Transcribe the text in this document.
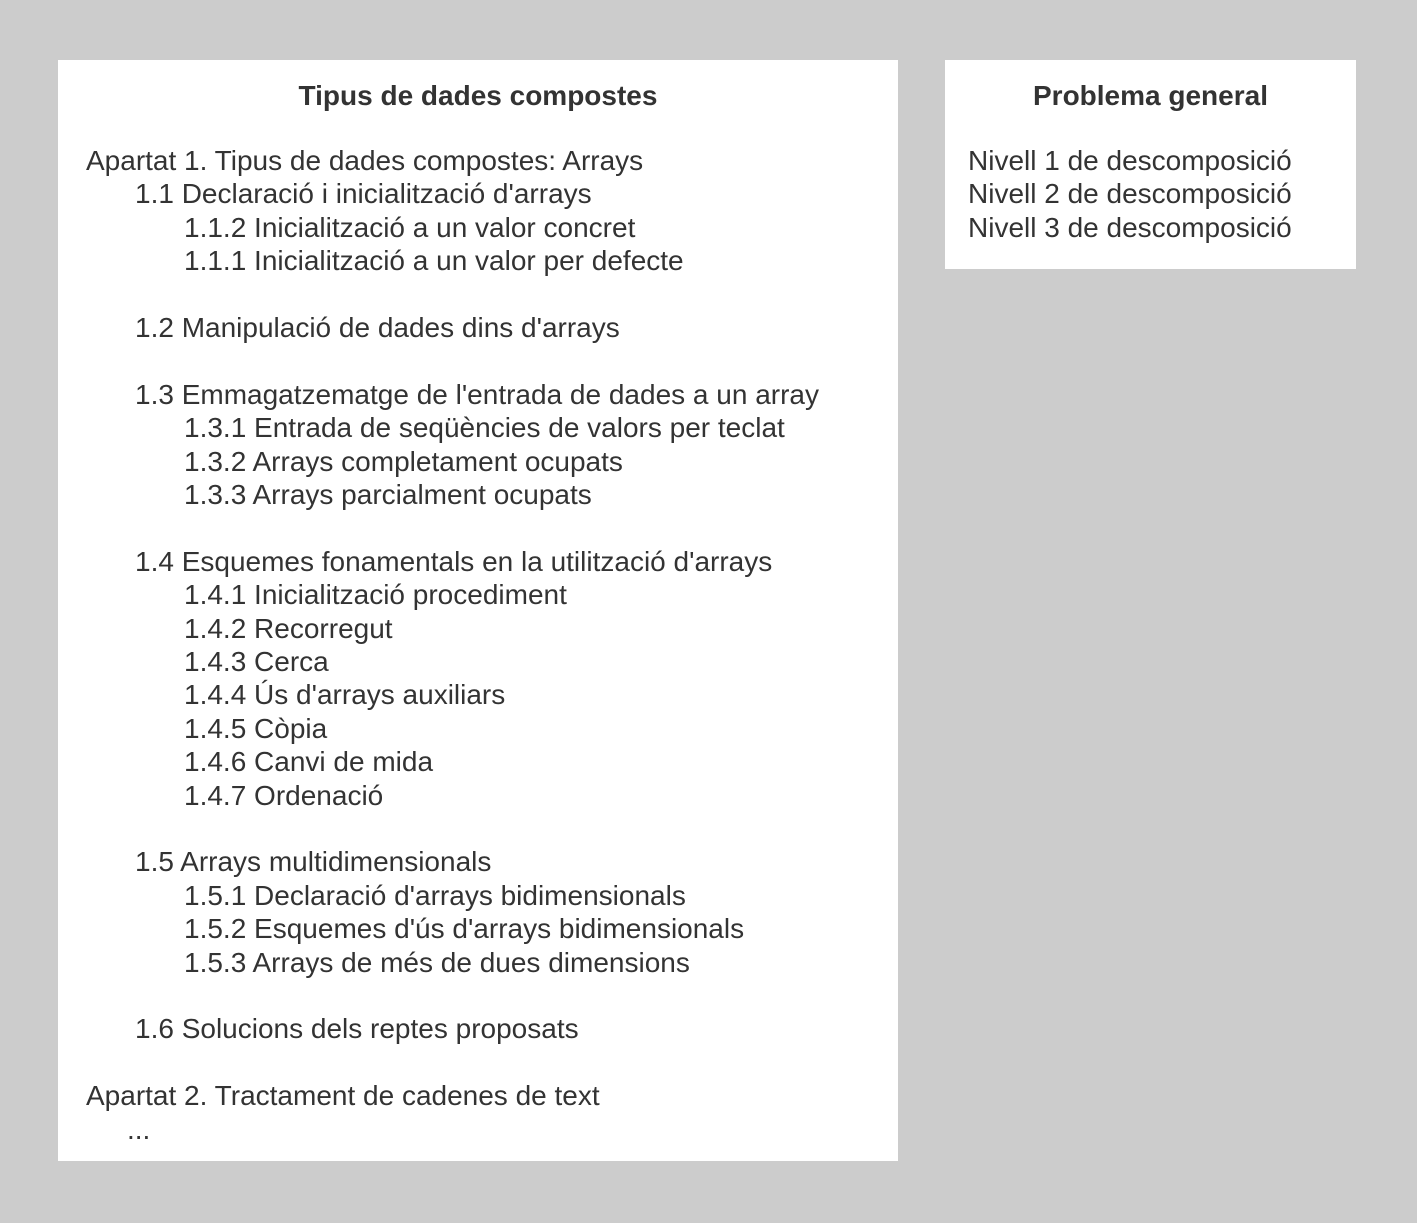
Tipus de dades compostes
Apartat 1. Tipus de dades compostes: Arrays
1.1 Declaració i inicialització d'arrays
1.1.2 Inicialització a un valor concret
1.1.1 Inicialització a un valor per defecte
1.2 Manipulació de dades dins d'arrays
1.3 Emmagatzematge de l'entrada de dades a un array
1.3.1 Entrada de seqüències de valors per teclat
1.3.2 Arrays completament ocupats
1.3.3 Arrays parcialment ocupats
1.4 Esquemes fonamentals en la utilització d'arrays
1.4.1 Inicialització procediment
1.4.2 Recorregut
1.4.3 Cerca
1.4.4 Ús d'arrays auxiliars
1.4.5 Còpia
1.4.6 Canvi de mida
1.4.7 Ordenació
1.5 Arrays multidimensionals
1.5.1 Declaració d'arrays bidimensionals
1.5.2 Esquemes d'ús d'arrays bidimensionals
1.5.3 Arrays de més de dues dimensions
1.6 Solucions dels reptes proposats
Apartat 2. Tractament de cadenes de text
...
Problema general
Nivell 1 de descomposició
Nivell 2 de descomposició
Nivell 3 de descomposició
